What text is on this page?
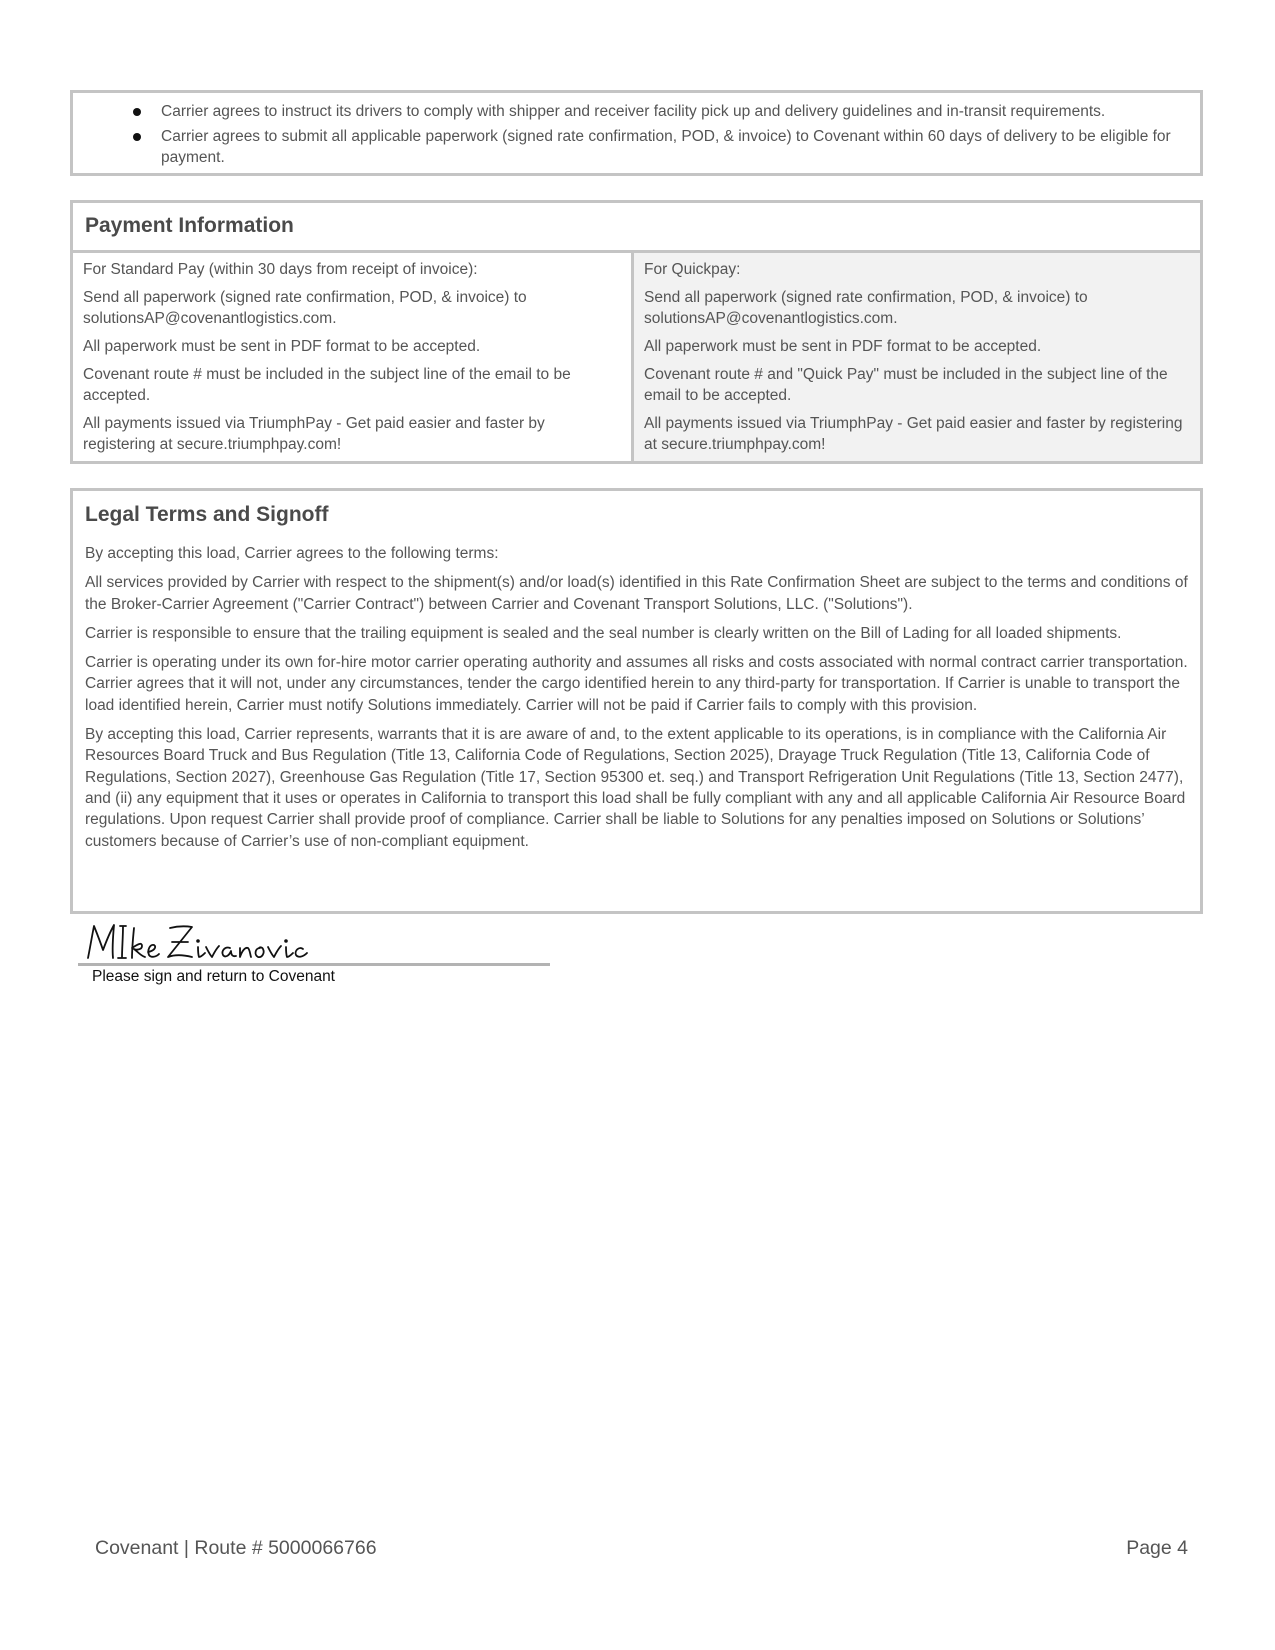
Carrier agrees to instruct its drivers to comply with shipper and receiver facility pick up and delivery guidelines and in-transit requirements.
Carrier agrees to submit all applicable paperwork (signed rate confirmation, POD, & invoice) to Covenant within 60 days of delivery to be eligible for payment.
Payment Information

For Standard Pay (within 30 days from receipt of invoice):

Send all paperwork (signed rate confirmation, POD, & invoice) to solutionsAP@covenantlogistics.com.

All paperwork must be sent in PDF format to be accepted.

Covenant route # must be included in the subject line of the email to be accepted.

All payments issued via TriumphPay - Get paid easier and faster by registering at secure.triumphpay.com!

For Quickpay:

Send all paperwork (signed rate confirmation, POD, & invoice) to solutionsAP@covenantlogistics.com.

All paperwork must be sent in PDF format to be accepted.

Covenant route # and "Quick Pay" must be included in the subject line of the email to be accepted.

All payments issued via TriumphPay - Get paid easier and faster by registering at secure.triumphpay.com!

Legal Terms and Signoff

By accepting this load, Carrier agrees to the following terms:

All services provided by Carrier with respect to the shipment(s) and/or load(s) identified in this Rate Confirmation Sheet are subject to the terms and conditions of the Broker-Carrier Agreement ("Carrier Contract") between Carrier and Covenant Transport Solutions, LLC. ("Solutions").

Carrier is responsible to ensure that the trailing equipment is sealed and the seal number is clearly written on the Bill of Lading for all loaded shipments.

Carrier is operating under its own for-hire motor carrier operating authority and assumes all risks and costs associated with normal contract carrier transportation. Carrier agrees that it will not, under any circumstances, tender the cargo identified herein to any third-party for transportation. If Carrier is unable to transport the load identified herein, Carrier must notify Solutions immediately. Carrier will not be paid if Carrier fails to comply with this provision.

By accepting this load, Carrier represents, warrants that it is are aware of and, to the extent applicable to its operations, is in compliance with the California Air Resources Board Truck and Bus Regulation (Title 13, California Code of Regulations, Section 2025), Drayage Truck Regulation (Title 13, California Code of Regulations, Section 2027), Greenhouse Gas Regulation (Title 17, Section 95300 et. seq.) and Transport Refrigeration Unit Regulations (Title 13, Section 2477), and (ii) any equipment that it uses or operates in California to transport this load shall be fully compliant with any and all applicable California Air Resource Board regulations. Upon request Carrier shall provide proof of compliance. Carrier shall be liable to Solutions for any penalties imposed on Solutions or Solutions’ customers because of Carrier’s use of non-compliant equipment.

Please sign and return to Covenant
Covenant | Route # 5000066766	Page 4
